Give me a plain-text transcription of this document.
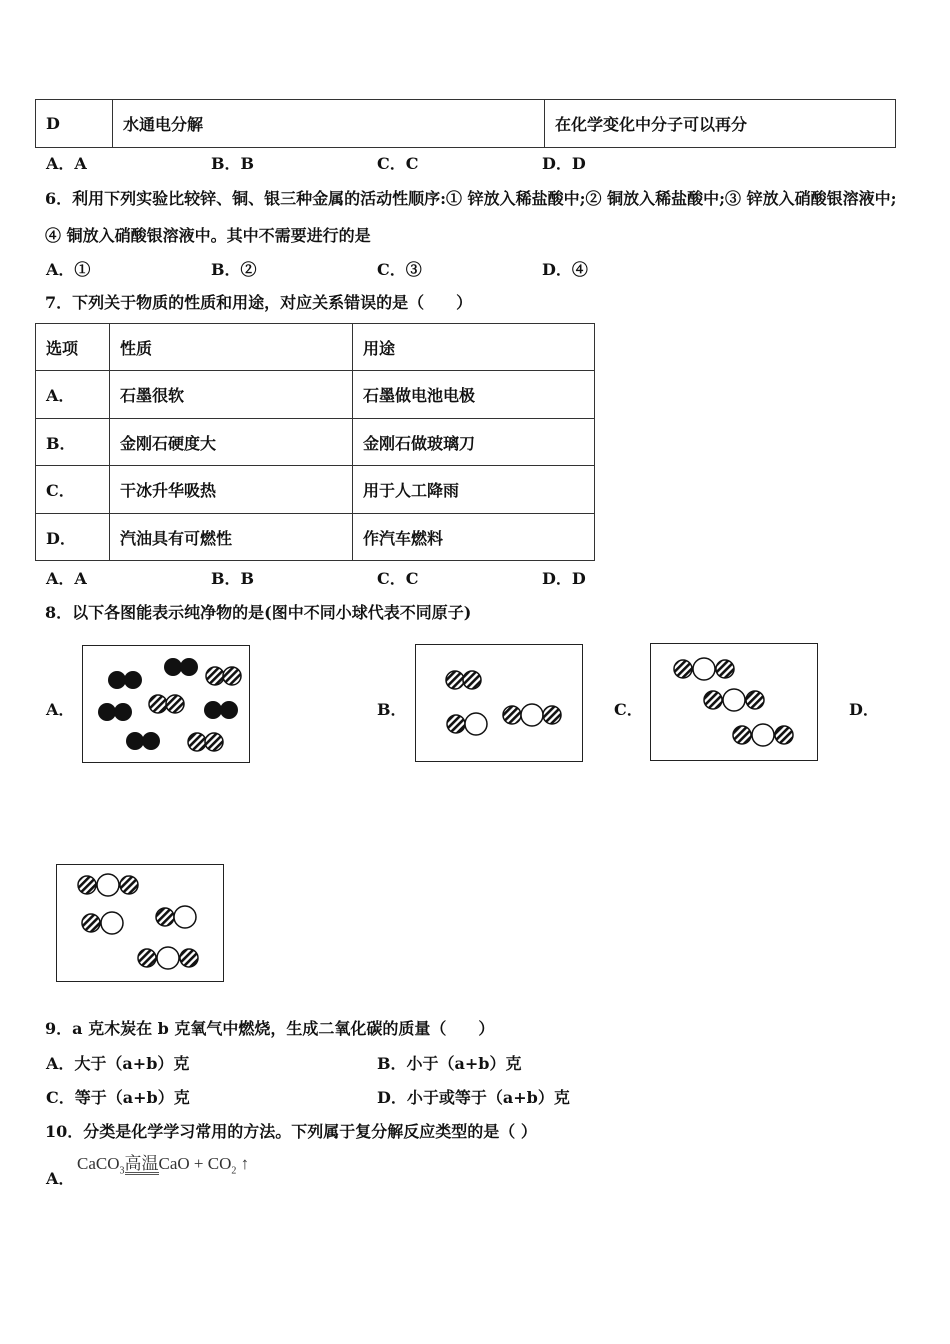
D	水通电分解	在化学变化中分子可以再分
A．A	B．B	C．C	D．D
6．利用下列实验比较锌、铜、银三种金属的活动性顺序:① 锌放入稀盐酸中;② 铜放入稀盐酸中;③ 锌放入硝酸银溶液中;
④ 铜放入硝酸银溶液中。其中不需要进行的是
A．①	B．②	C．③	D．④
7．下列关于物质的性质和用途，对应关系错误的是（　　）
选项	性质	用途
A．	石墨很软	石墨做电池电极
B．	金刚石硬度大	金刚石做玻璃刀
C．	干冰升华吸热	用于人工降雨
D．	汽油具有可燃性	作汽车燃料
A．A	B．B	C．C	D．D
8．以下各图能表示纯净物的是(图中不同小球代表不同原子)
A．	B．	C．	D．
9．a 克木炭在 b 克氧气中燃烧，生成二氧化碳的质量（　　）
A．大于（a+b）克	B．小于（a+b）克
C．等于（a+b）克	D．小于或等于（a+b）克
10．分类是化学学习常用的方法。下列属于复分解反应类型的是（ ）
A．
CaCO$_3$高温CaO + $CO_2$ ↑
